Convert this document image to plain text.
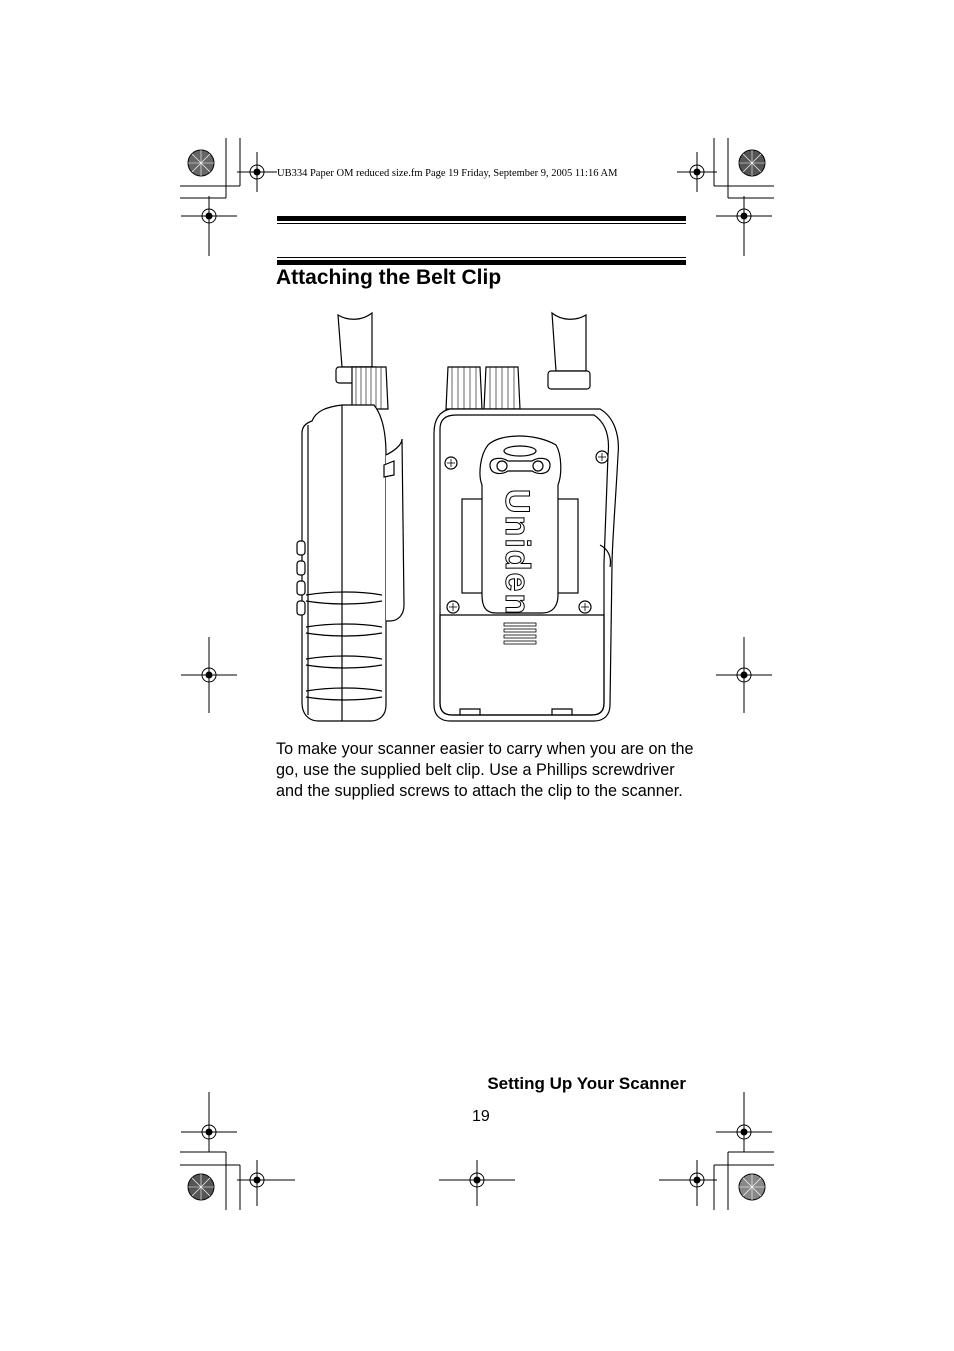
UB334 Paper OM reduced size.fm Page 19 Friday, September 9, 2005 11:16 AM
Attaching the Belt Clip
Uniden
To make your scanner easier to carry when you are on the go, use the supplied belt clip. Use a Phillips screwdriver and the supplied screws to attach the clip to the scanner.
Setting Up Your Scanner
19
